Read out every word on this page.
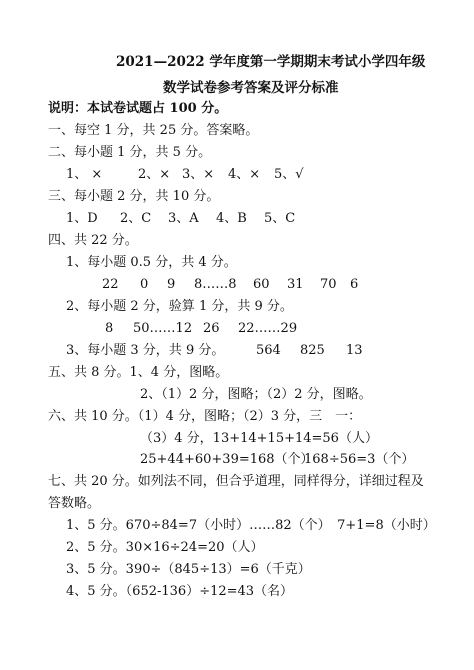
2021—2022 学年度第一学期期末考试小学四年级
数学试卷参考答案及评分标准
说明：本试卷试题占 100 分。
一、每空 1 分，共 25 分。答案略。
二、每小题 1 分，共 5 分。
1、 ×	2、× 3、× 4、× 5、√
三、每小题 2 分，共 10 分。
1、D 2、C 3、A 4、B 5、C
四、共 22 分。
1、每小题 0.5 分，共 4 分。
22 0 9 8……8 60 31 70 6
2、每小题 2 分，验算 1 分，共 9 分。
8 50……12 26 22……29
3、每小题 3 分，共 9 分。 564 825 13
五、共 8 分。1、4 分，图略。
2、（1）2 分，图略；（2）2 分，图略。
六、共 10 分。（1）4 分，图略；（2）3 分，三　一：
（3）4 分，13+14+15+14=56（人）
25+44+60+39=168（个）
168÷56=3（个）
七、共 20 分。如列法不同，但合乎道理，同样得分，详细过程及
答数略。
1、5 分。670÷84=7（小时）……82（个）　7+1=8（小时）
2、5 分。30×16÷24=20（人）
3、5 分。390÷（845÷13）=6（千克）
4、5 分。（652-136）÷12=43（名）
